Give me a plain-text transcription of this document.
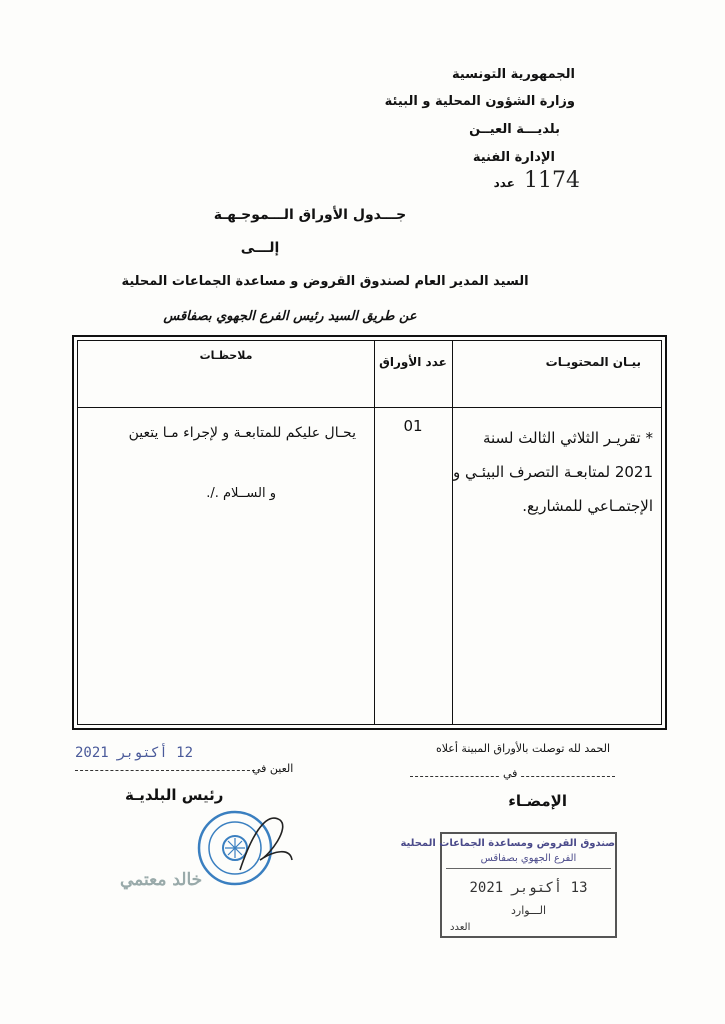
الجمهورية التونسية
وزارة الشؤون المحلية و البيئة
بلديـــة العيــن
الإدارة الفنية
1174 عدد
جـــدول الأوراق الـــموجـهـة
إلـــى
السيد المدير العام لصندوق القروض و مساعدة الجماعات المحلية
عن طريق السيد رئيس الفرع الجهوي بصفاقس
بيـان المحتويـات
عدد الأوراق
ملاحظـات
* تقريـر الثلاثي الثالث لسنة 2021 لمتابعـة التصرف البيئـي و الإجتمـاعي للمشاريع.
01
يحـال عليكم للمتابعـة و لإجراء مـا يتعين
و الســلام ./.
12 أكتوبر 2021
العين في
رئيس البلديـة
خالد معتمي
الحمد لله توصلت بالأوراق المبينة أعلاه
في
الإمضـاء
صندوق القروض ومساعدة الجماعات المحلية
الفرع الجهوي بصفاقس
13 أكتوبر 2021
الـــوارد
العدد
